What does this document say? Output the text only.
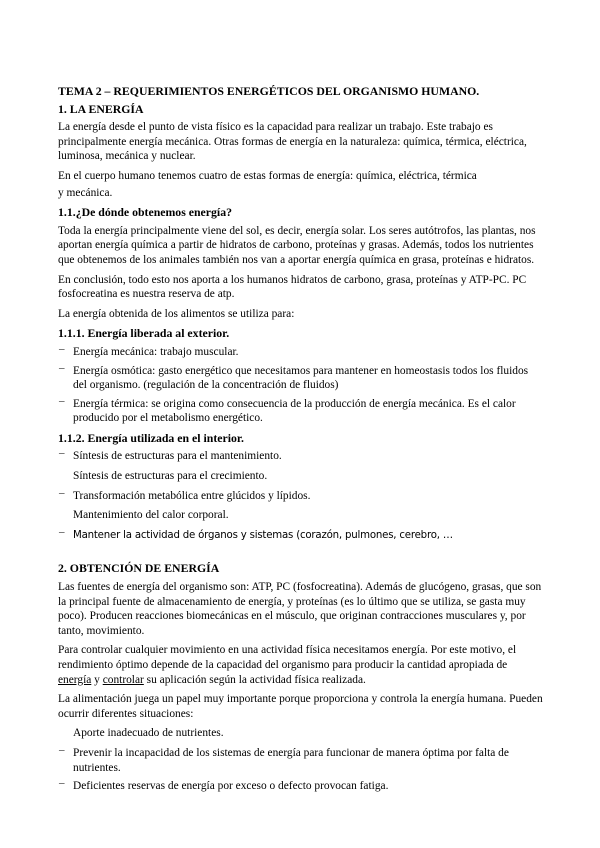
TEMA 2 – REQUERIMIENTOS ENERGÉTICOS DEL ORGANISMO HUMANO.

1. LA ENERGÍA

La energía desde el punto de vista físico es la capacidad para realizar un trabajo. Este trabajo es principalmente energía mecánica. Otras formas de energía en la naturaleza: química, térmica, eléctrica, luminosa, mecánica y nuclear.

En el cuerpo humano tenemos cuatro de estas formas de energía: química, eléctrica, térmica

y mecánica.

1.1.¿De dónde obtenemos energía?

Toda la energía principalmente viene del sol, es decir, energía solar. Los seres autótrofos, las plantas, nos aportan energía química a partir de hidratos de carbono, proteínas y grasas. Además, todos los nutrientes que obtenemos de los animales también nos van a aportar energía química en grasa, proteínas e hidratos.

En conclusión, todo esto nos aporta a los humanos hidratos de carbono, grasa, proteínas y ATP-PC. PC fosfocreatina es nuestra reserva de atp.

La energía obtenida de los alimentos se utiliza para:

1.1.1. Energía liberada al exterior.

– Energía mecánica: trabajo muscular.
– Energía osmótica: gasto energético que necesitamos para mantener en homeostasis todos los fluidos del organismo. (regulación de la concentración de fluidos)
– Energía térmica: se origina como consecuencia de la producción de energía mecánica. Es el calor producido por el metabolismo energético.

1.1.2. Energía utilizada en el interior.

– Síntesis de estructuras para el mantenimiento.

Síntesis de estructuras para el crecimiento.

– Transformación metabólica entre glúcidos y lípidos.

Mantenimiento del calor corporal.

– Mantener la actividad de órganos y sistemas (corazón, pulmones, cerebro, …

2. OBTENCIÓN DE ENERGÍA

Las fuentes de energía del organismo son: ATP, PC (fosfocreatina). Además de glucógeno, grasas, que son la principal fuente de almacenamiento de energía, y proteínas (es lo último que se utiliza, se gasta muy poco). Producen reacciones biomecánicas en el músculo, que originan contracciones musculares y, por tanto, movimiento.

Para controlar cualquier movimiento en una actividad física necesitamos energía. Por este motivo, el rendimiento óptimo depende de la capacidad del organismo para producir la cantidad apropiada de energía y controlar su aplicación según la actividad física realizada.

La alimentación juega un papel muy importante porque proporciona y controla la energía humana. Pueden ocurrir diferentes situaciones:

Aporte inadecuado de nutrientes.

– Prevenir la incapacidad de los sistemas de energía para funcionar de manera óptima por falta de nutrientes.
– Deficientes reservas de energía por exceso o defecto provocan fatiga.
